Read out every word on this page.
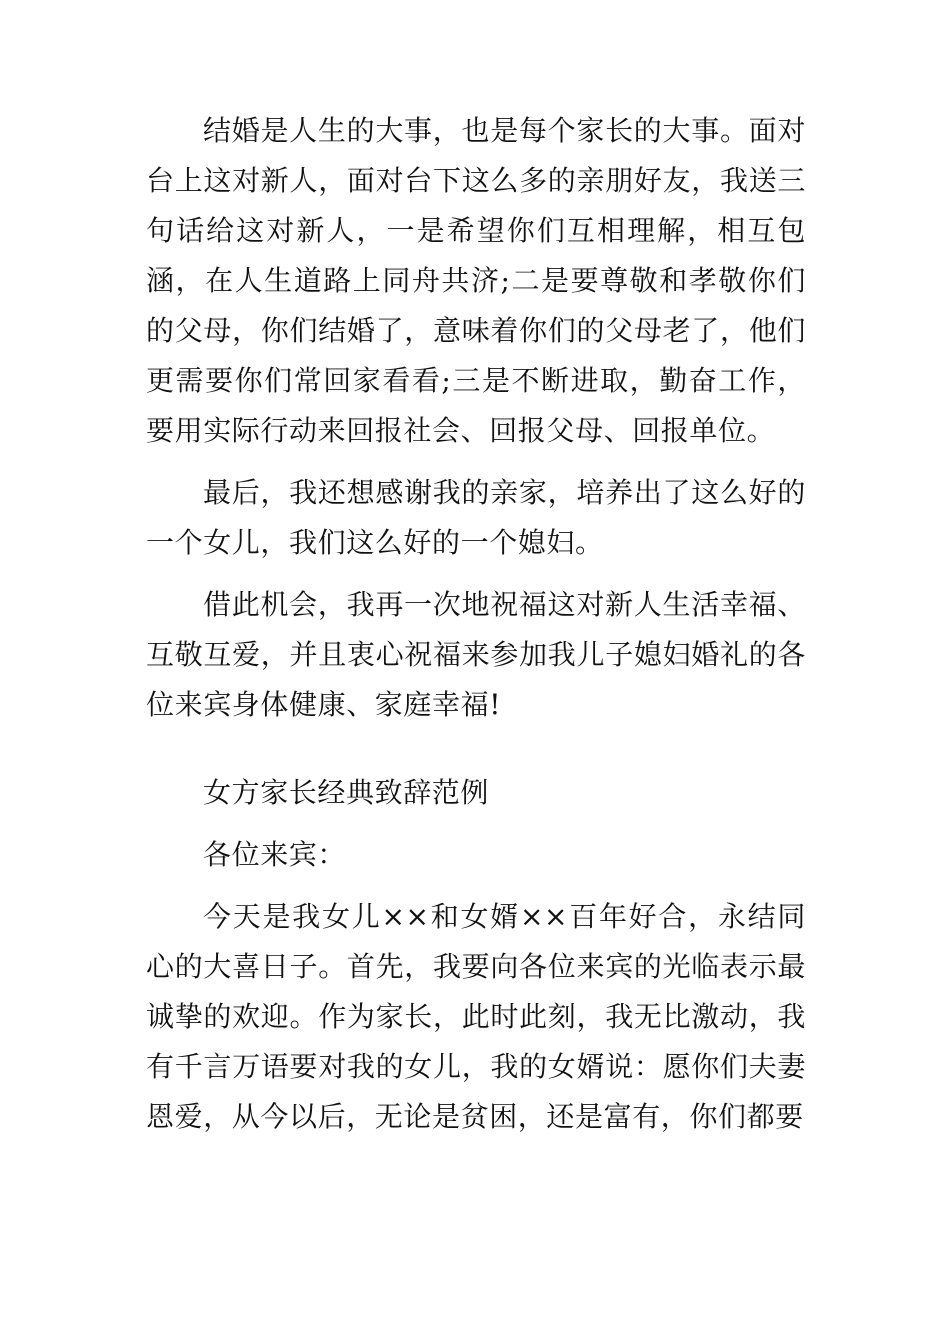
结婚是人生的大事，也是每个家长的大事。面对台上这对新人，面对台下这么多的亲朋好友，我送三句话给这对新人，一是希望你们互相理解，相互包涵，在人生道路上同舟共济;二是要尊敬和孝敬你们的父母，你们结婚了，意味着你们的父母老了，他们更需要你们常回家看看;三是不断进取，勤奋工作，要用实际行动来回报社会、回报父母、回报单位。

最后，我还想感谢我的亲家，培养出了这么好的一个女儿，我们这么好的一个媳妇。

借此机会，我再一次地祝福这对新人生活幸福、互敬互爱，并且衷心祝福来参加我儿子媳妇婚礼的各位来宾身体健康、家庭幸福!

女方家长经典致辞范例

各位来宾：

今天是我女儿××和女婿××百年好合，永结同心的大喜日子。首先，我要向各位来宾的光临表示最诚挚的欢迎。作为家长，此时此刻，我无比激动，我有千言万语要对我的女儿，我的女婿说：愿你们夫妻恩爱，从今以后，无论是贫困，还是富有，你们都要
